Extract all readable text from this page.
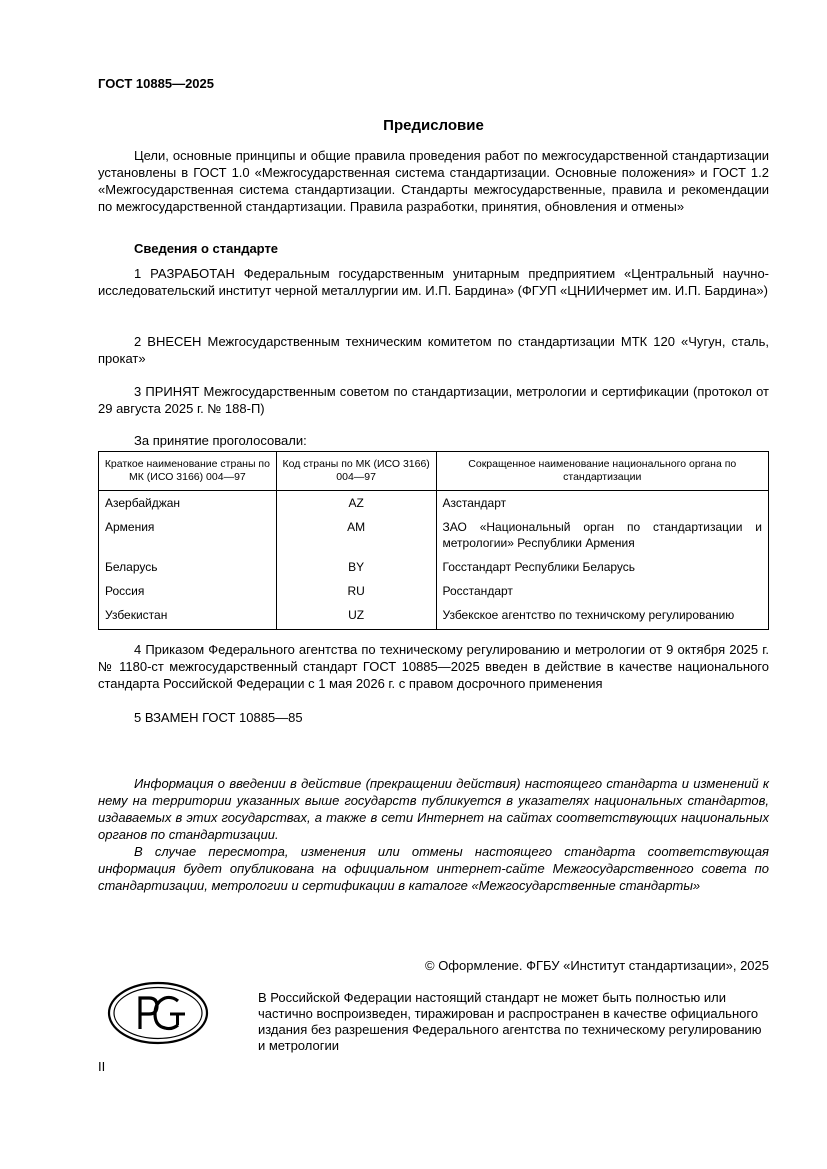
ГОСТ 10885—2025
Предисловие
Цели, основные принципы и общие правила проведения работ по межгосударственной стандартизации установлены в ГОСТ 1.0 «Межгосударственная система стандартизации. Основные положения» и ГОСТ 1.2 «Межгосударственная система стандартизации. Стандарты межгосударственные, правила и рекомендации по межгосударственной стандартизации. Правила разработки, принятия, обновления и отмены»
Сведения о стандарте
1 РАЗРАБОТАН Федеральным государственным унитарным предприятием «Центральный научно-исследовательский институт черной металлургии им. И.П. Бардина» (ФГУП «ЦНИИчермет им. И.П. Бардина»)
2 ВНЕСЕН Межгосударственным техническим комитетом по стандартизации МТК 120 «Чугун, сталь, прокат»
3 ПРИНЯТ Межгосударственным советом по стандартизации, метрологии и сертификации (протокол от 29 августа 2025 г. № 188-П)
За принятие проголосовали:
Краткое наименование страны по МК (ИСО 3166) 004—97	Код страны по МК (ИСО 3166) 004—97	Сокращенное наименование национального органа по стандартизации
Азербайджан	AZ	Азстандарт
Армения	AM	ЗАО «Национальный орган по стандартизации и метрологии» Республики Армения
Беларусь	BY	Госстандарт Республики Беларусь
Россия	RU	Росстандарт
Узбекистан	UZ	Узбекское агентство по техничскому регулированию
4 Приказом Федерального агентства по техническому регулированию и метрологии от 9 октября 2025 г. № 1180-ст межгосударственный стандарт ГОСТ 10885—2025 введен в действие в качестве национального стандарта Российской Федерации с 1 мая 2026 г. с правом досрочного применения
5 ВЗАМЕН ГОСТ 10885—85
Информация о введении в действие (прекращении действия) настоящего стандарта и изменений к нему на территории указанных выше государств публикуется в указателях национальных стандартов, издаваемых в этих государствах, а также в сети Интернет на сайтах соответствующих национальных органов по стандартизации.
В случае пересмотра, изменения или отмены настоящего стандарта соответствующая информация будет опубликована на официальном интернет-сайте Межгосударственного совета по стандартизации, метрологии и сертификации в каталоге «Межгосударственные стандарты»
© Оформление. ФГБУ «Институт стандартизации», 2025
В Российской Федерации настоящий стандарт не может быть полностью или частично воспроизведен, тиражирован и распространен в качестве официального издания без разрешения Федерального агентства по техническому регулированию и метрологии
II
